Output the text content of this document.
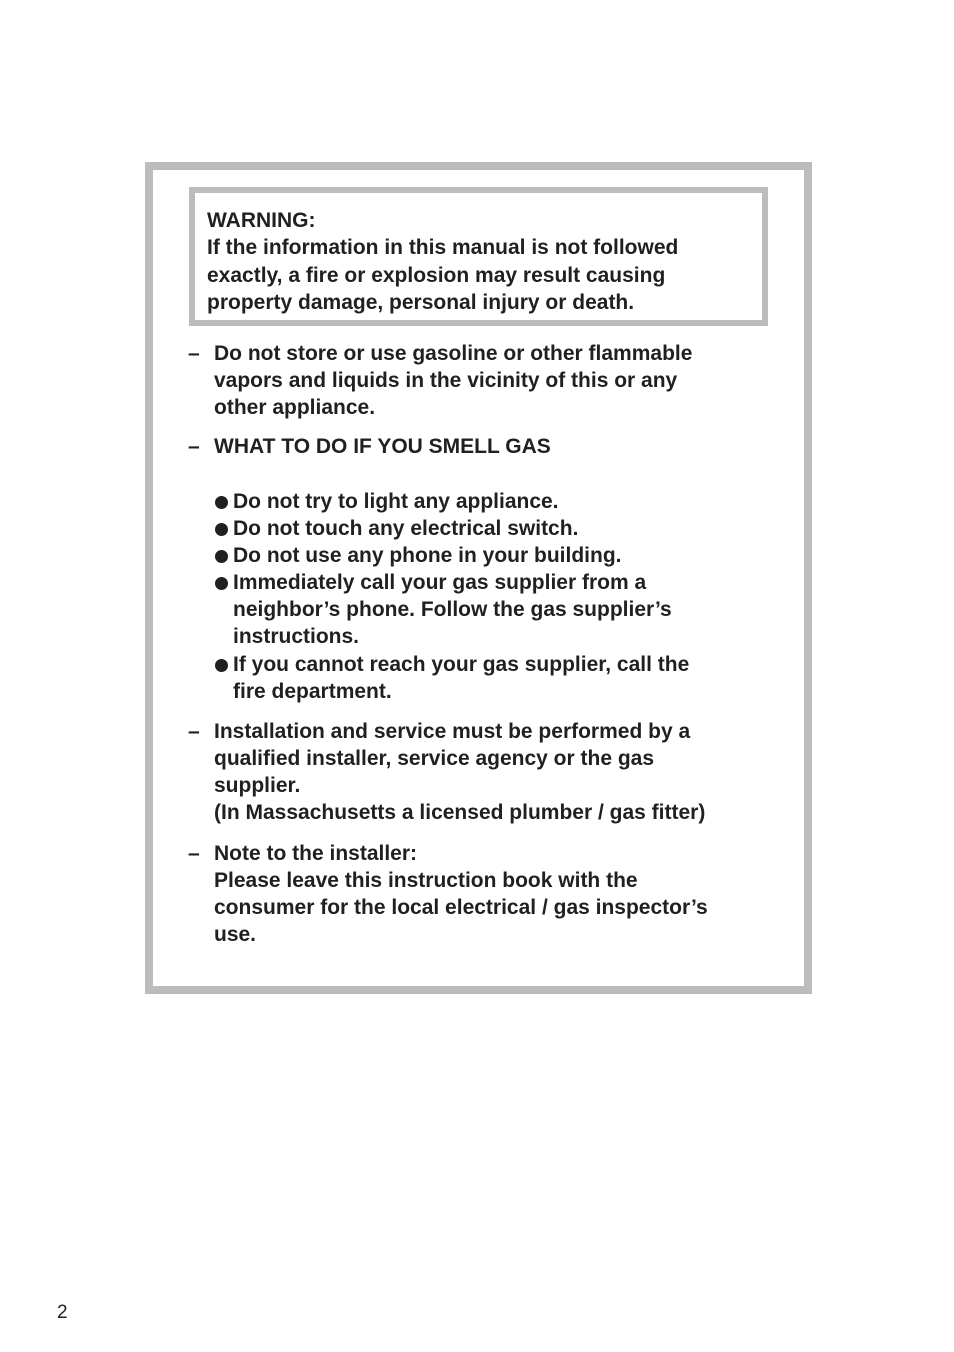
WARNING:
If the information in this manual is not followed
exactly, a fire or explosion may result causing
property damage, personal injury or death.
– Do not store or use gasoline or other flammable
vapors and liquids in the vicinity of this or any
other appliance.
– WHAT TO DO IF YOU SMELL GAS
Do not try to light any appliance.
Do not touch any electrical switch.
Do not use any phone in your building.
Immediately call your gas supplier from a
neighbor’s phone. Follow the gas supplier’s
instructions.
If you cannot reach your gas supplier, call the
fire department.
– Installation and service must be performed by a
qualified installer, service agency or the gas
supplier.
(In Massachusetts a licensed plumber / gas fitter)
– Note to the installer:
Please leave this instruction book with the
consumer for the local electrical / gas inspector’s
use.
2
